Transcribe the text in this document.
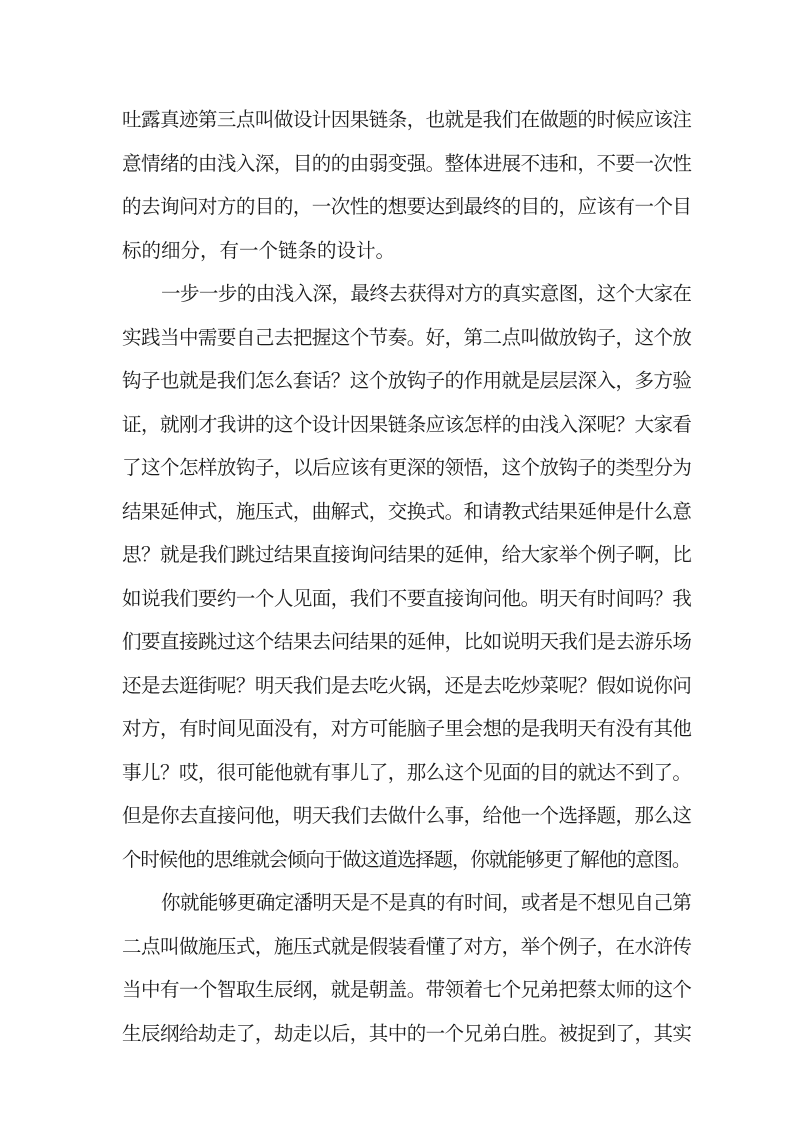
吐露真迹第三点叫做设计因果链条，也就是我们在做题的时候应该注
意情绪的由浅入深，目的的由弱变强。整体进展不违和，不要一次性
的去询问对方的目的，一次性的想要达到最终的目的，应该有一个目
标的细分，有一个链条的设计。
一步一步的由浅入深，最终去获得对方的真实意图，这个大家在
实践当中需要自己去把握这个节奏。好，第二点叫做放钩子，这个放
钩子也就是我们怎么套话？这个放钩子的作用就是层层深入，多方验
证，就刚才我讲的这个设计因果链条应该怎样的由浅入深呢？大家看
了这个怎样放钩子，以后应该有更深的领悟，这个放钩子的类型分为
结果延伸式，施压式，曲解式，交换式。和请教式结果延伸是什么意
思？就是我们跳过结果直接询问结果的延伸，给大家举个例子啊，比
如说我们要约一个人见面，我们不要直接询问他。明天有时间吗？我
们要直接跳过这个结果去问结果的延伸，比如说明天我们是去游乐场
还是去逛街呢？明天我们是去吃火锅，还是去吃炒菜呢？假如说你问
对方，有时间见面没有，对方可能脑子里会想的是我明天有没有其他
事儿？哎，很可能他就有事儿了，那么这个见面的目的就达不到了。
但是你去直接问他，明天我们去做什么事，给他一个选择题，那么这
个时候他的思维就会倾向于做这道选择题，你就能够更了解他的意图。
你就能够更确定潘明天是不是真的有时间，或者是不想见自己第
二点叫做施压式，施压式就是假装看懂了对方，举个例子，在水浒传
当中有一个智取生辰纲，就是朝盖。带领着七个兄弟把蔡太师的这个
生辰纲给劫走了，劫走以后，其中的一个兄弟白胜。被捉到了，其实
